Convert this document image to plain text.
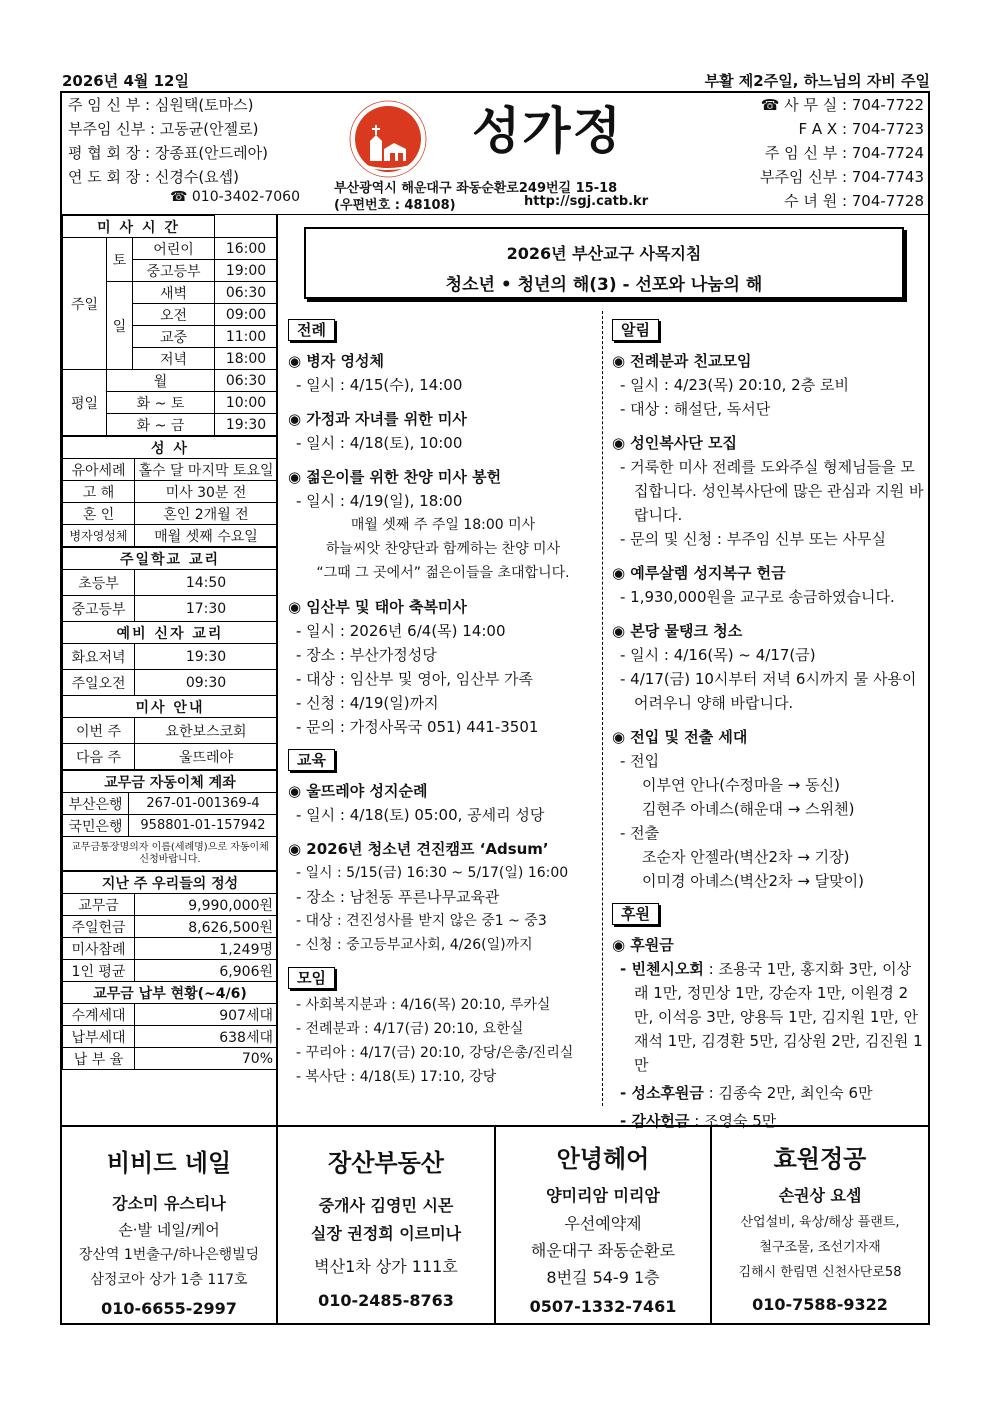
2026년 4월 12일	부활 제2주일, 하느님의 자비 주일
주 임 신 부 : 심원택(토마스)
부주임 신부 : 고동균(안젤로)
평 협 회 장 : 장종표(안드레아)
연 도 회 장 : 신경수(요셉)
☎ 010-3402-7060
성가정
부산광역시 해운대구 좌동순환로249번길 15-18
(우편번호 : 48108)	http://sgj.catb.kr
☎ 사 무 실 : 704-7722
F A X : 704-7723
주 임 신 부 : 704-7724
부주임 신부 : 704-7743
수 녀 원 : 704-7728
미 사 시 간			
주일	토	어린이	16:00
		중고등부	19:00
	일	새벽	06:30
		오전	09:00
		교중	11:00
		저녁	18:00
평일	월		06:30
	화 ~ 토		10:00
	화 ~ 금		19:30
성 사	
유아세례	홀수 달 마지막 토요일
고 해	미사 30분 전
혼 인	혼인 2개월 전
병자영성체	매월 셋째 수요일
주일학교 교리	
초등부	14:50
중고등부	17:30
예비 신자 교리	
화요저녁	19:30
주일오전	09:30
미사 안내	
이번 주	요한보스코회
다음 주	울뜨레야
교무금 자동이체 계좌	
부산은행	267-01-001369-4
국민은행	958801-01-157942
교무금통장명의자 이름(세례명)으로 자동이체 신청바랍니다.	
지난 주 우리들의 정성	
교무금	9,990,000원
주일헌금	8,626,500원
미사참례	1,249명
1인 평균	6,906원
교무금 납부 현황(~4/6)	
수계세대	907세대
납부세대	638세대
납 부 율	70%
2026년 부산교구 사목지침
청소년 • 청년의 해(3) - 선포와 나눔의 해
전례
◉ 병자 영성체
- 일시 : 4/15(수), 14:00
◉ 가정과 자녀를 위한 미사
- 일시 : 4/18(토), 10:00
◉ 젊은이를 위한 찬양 미사 봉헌
- 일시 : 4/19(일), 18:00
매월 셋째 주 주일 18:00 미사
하늘씨앗 찬양단과 함께하는 찬양 미사
“그때 그 곳에서” 젊은이들을 초대합니다.
◉ 임산부 및 태아 축복미사
- 일시 : 2026년 6/4(목) 14:00
- 장소 : 부산가정성당
- 대상 : 임산부 및 영아, 임산부 가족
- 신청 : 4/19(일)까지
- 문의 : 가정사목국 051) 441-3501
교육
◉ 울뜨레야 성지순례
- 일시 : 4/18(토) 05:00, 공세리 성당
◉ 2026년 청소년 견진캠프 ‘Adsum’
- 일시 : 5/15(금) 16:30 ~ 5/17(일) 16:00
- 장소 : 남천동 푸른나무교육관
- 대상 : 견진성사를 받지 않은 중1 ~ 중3
- 신청 : 중고등부교사회, 4/26(일)까지
모임
- 사회복지분과 : 4/16(목) 20:10, 루카실
- 전례분과 : 4/17(금) 20:10, 요한실
- 꾸리아 : 4/17(금) 20:10, 강당/은총/진리실
- 복사단 : 4/18(토) 17:10, 강당
알림
◉ 전례분과 친교모임
- 일시 : 4/23(목) 20:10, 2층 로비
- 대상 : 해설단, 독서단
◉ 성인복사단 모집
- 거룩한 미사 전례를 도와주실 형제님들을 모집합니다. 성인복사단에 많은 관심과 지원 바랍니다.
- 문의 및 신청 : 부주임 신부 또는 사무실
◉ 예루살렘 성지복구 헌금
- 1,930,000원을 교구로 송금하였습니다.
◉ 본당 물탱크 청소
- 일시 : 4/16(목) ~ 4/17(금)
- 4/17(금) 10시부터 저녁 6시까지 물 사용이 어려우니 양해 바랍니다.
◉ 전입 및 전출 세대
- 전입
이부연 안나(수정마을 → 동신)
김현주 아녜스(해운대 → 스위첸)
- 전출
조순자 안젤라(벽산2차 → 기장)
이미경 아녜스(벽산2차 → 달맞이)
후원
◉ 후원금
- 빈첸시오회 : 조용국 1만, 홍지화 3만, 이상래 1만, 정민상 1만, 강순자 1만, 이원경 2만, 이석응 3만, 양용득 1만, 김지원 1만, 안재석 1만, 김경환 5만, 김상원 2만, 김진원 1만
- 성소후원금 : 김종숙 2만, 최인숙 6만
- 감사헌금 : 조영숙 5만
비비드 네일
강소미 유스티나
손·발 네일/케어
장산역 1번출구/하나은행빌딩
삼정코아 상가 1층 117호
010-6655-2997
장산부동산
중개사 김영민 시몬
실장 권정희 이르미나
벽산1차 상가 111호
010-2485-8763
안녕헤어
양미리암 미리암
우선예약제
해운대구 좌동순환로
8번길 54-9 1층
0507-1332-7461
효원정공
손권상 요셉
산업설비, 육상/해상 플랜트,
철구조물, 조선기자재
김해시 한림면 신천사단로58
010-7588-9322
